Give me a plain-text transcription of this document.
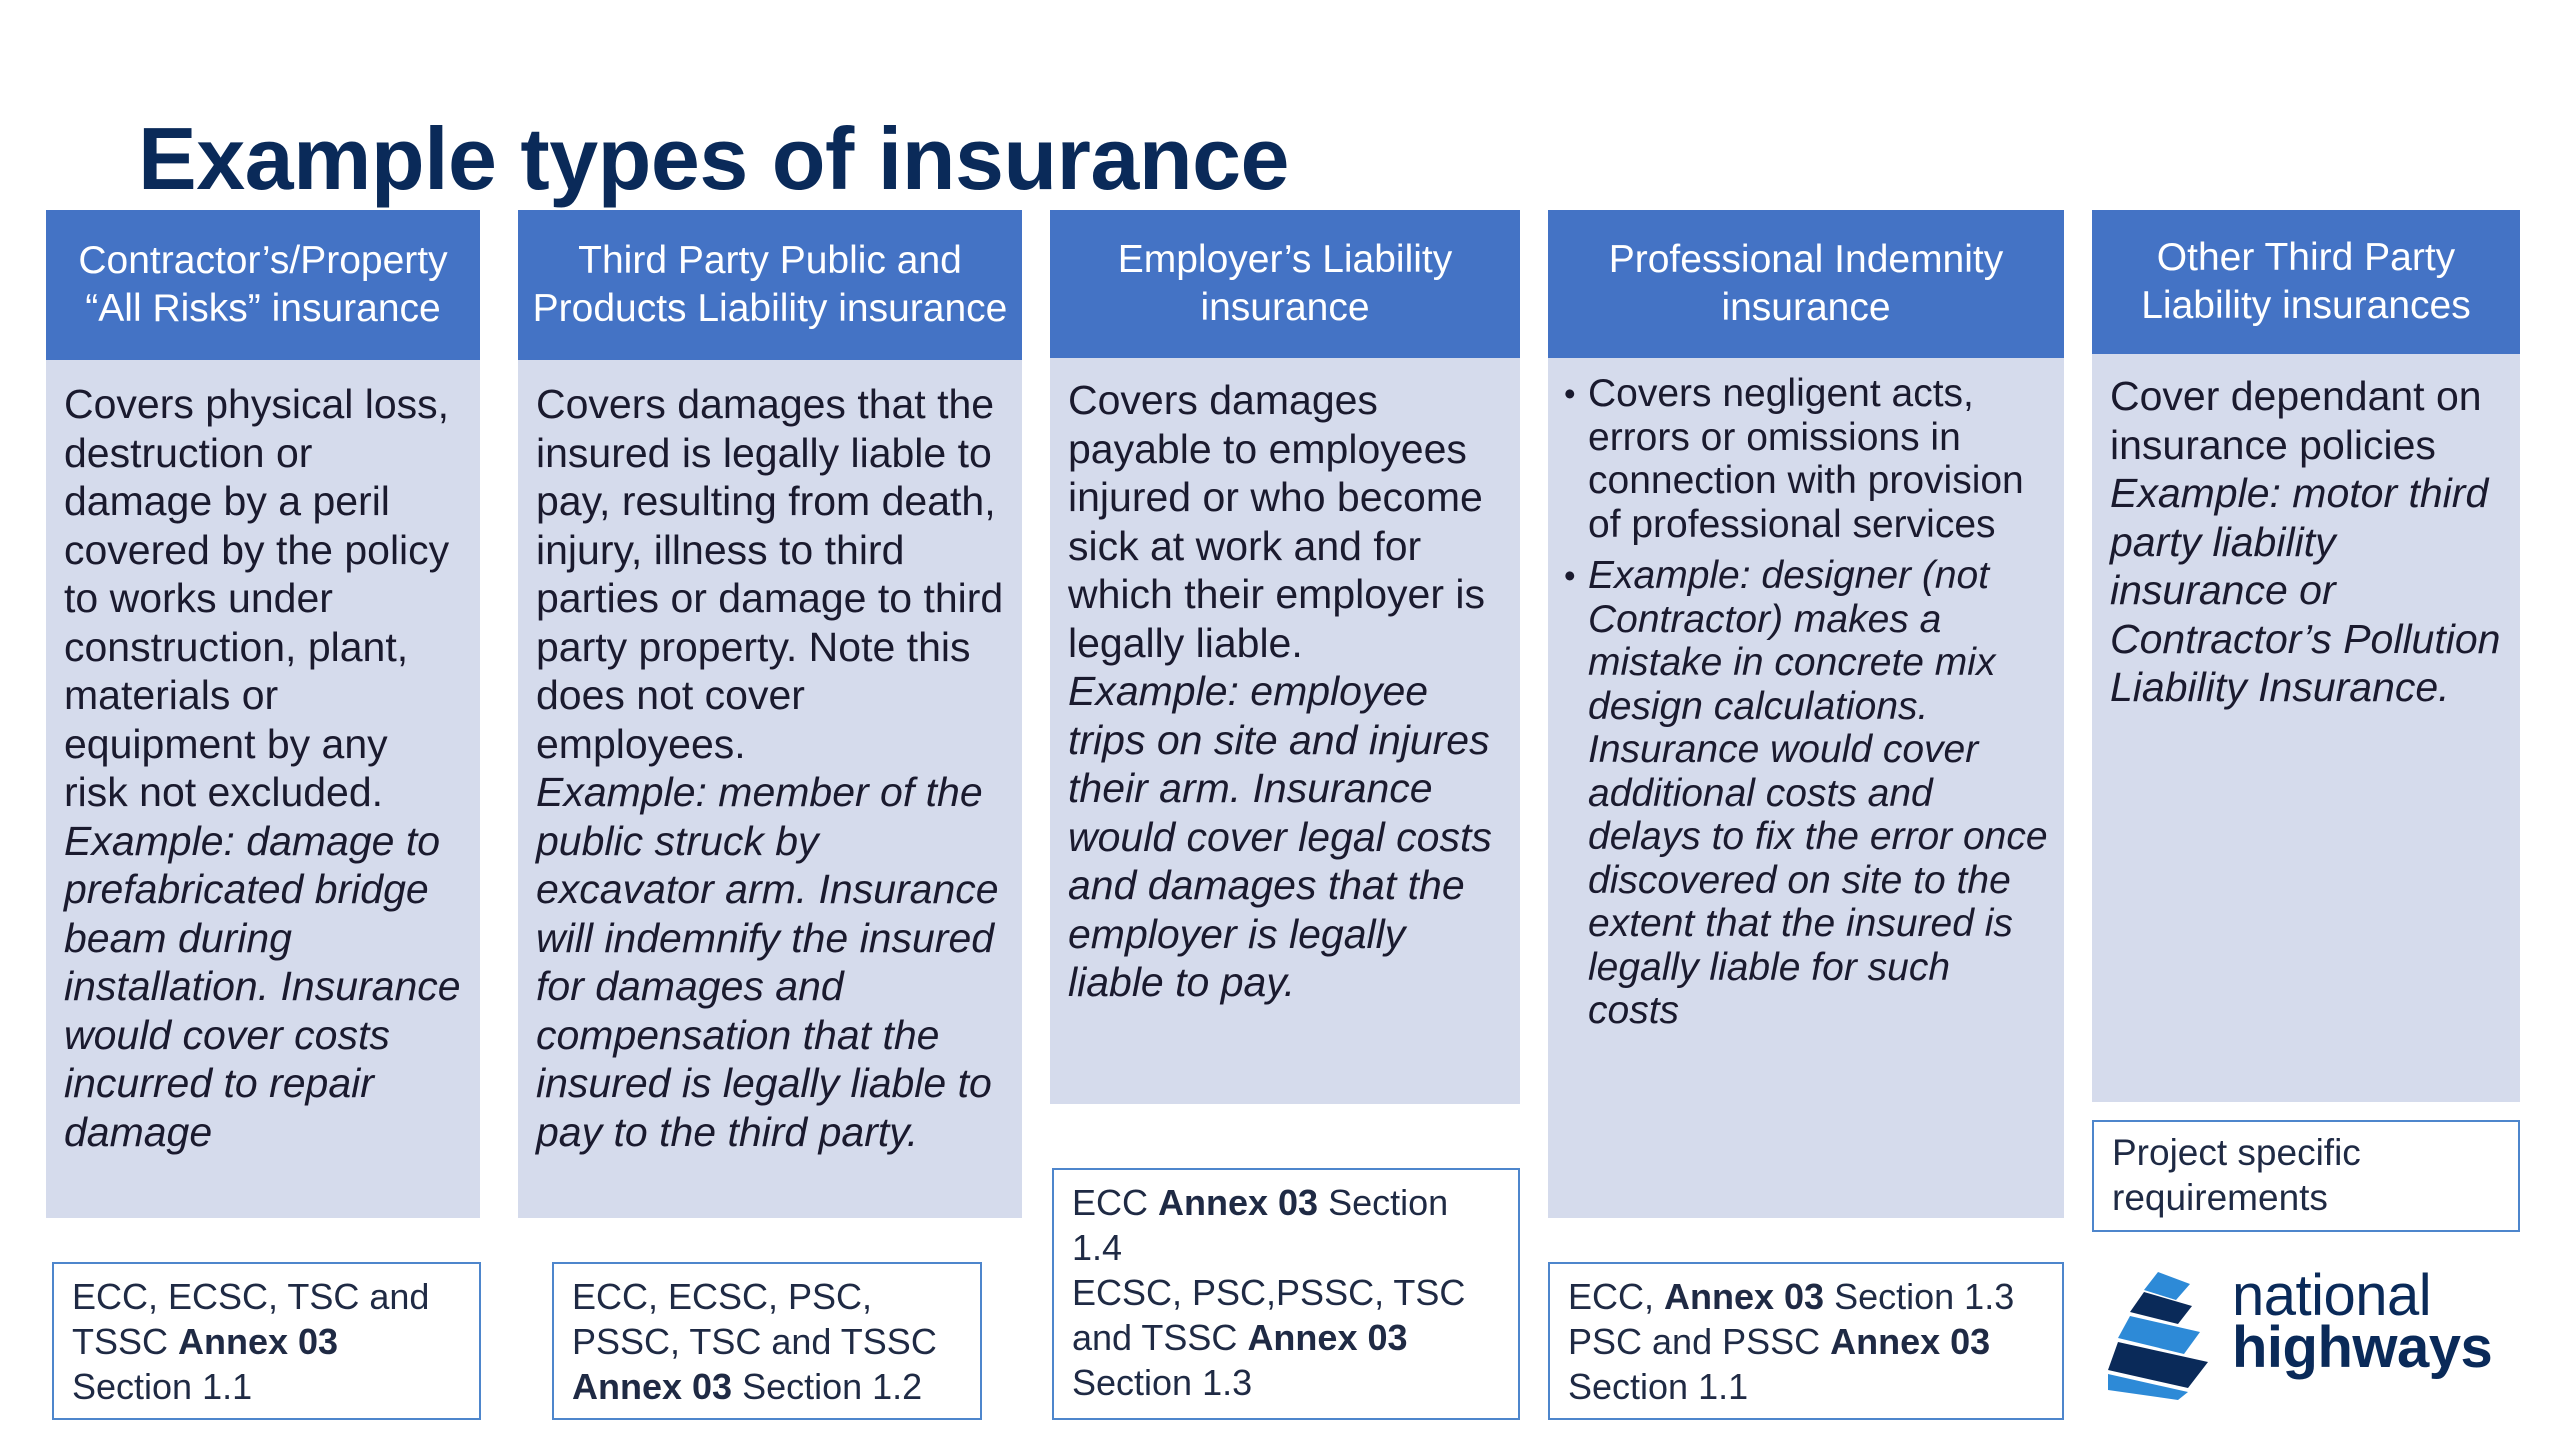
Example types of insurance
Contractor’s/Property “All Risks” insurance
Covers physical loss, destruction or damage by a peril covered by the policy to works under construction, plant, materials or equipment by any risk not excluded.
Example: damage to prefabricated bridge beam during installation. Insurance would cover costs incurred to repair damage
ECC, ECSC, TSC and TSSC Annex 03 Section 1.1
Third Party Public and Products Liability insurance
Covers damages that the insured is legally liable to pay, resulting from death, injury, illness to third parties or damage to third party property. Note this does not cover employees.
Example: member of the public struck by excavator arm. Insurance will indemnify the insured for damages and compensation that the insured is legally liable to pay to the third party.
ECC, ECSC, PSC, PSSC, TSC and TSSC Annex 03 Section 1.2
Employer’s Liability insurance
Covers damages payable to employees injured or who become sick at work and for which their employer is legally liable.
Example: employee trips on site and injures their arm. Insurance would cover legal costs and damages that the employer is legally liable to pay.
ECC Annex 03 Section 1.4
ECSC, PSC,PSSC, TSC and TSSC Annex 03 Section 1.3
Professional Indemnity insurance
• Covers negligent acts, errors or omissions in connection with provision of professional services
• Example: designer (not Contractor) makes a mistake in concrete mix design calculations. Insurance would cover additional costs and delays to fix the error once discovered on site to the extent that the insured is legally liable for such costs
ECC, Annex 03 Section 1.3
PSC and PSSC Annex 03
Section 1.1
Other Third Party Liability insurances
Cover dependant on insurance policies
Example: motor third party liability insurance or Contractor’s Pollution Liability Insurance.
Project specific requirements
national
highways
